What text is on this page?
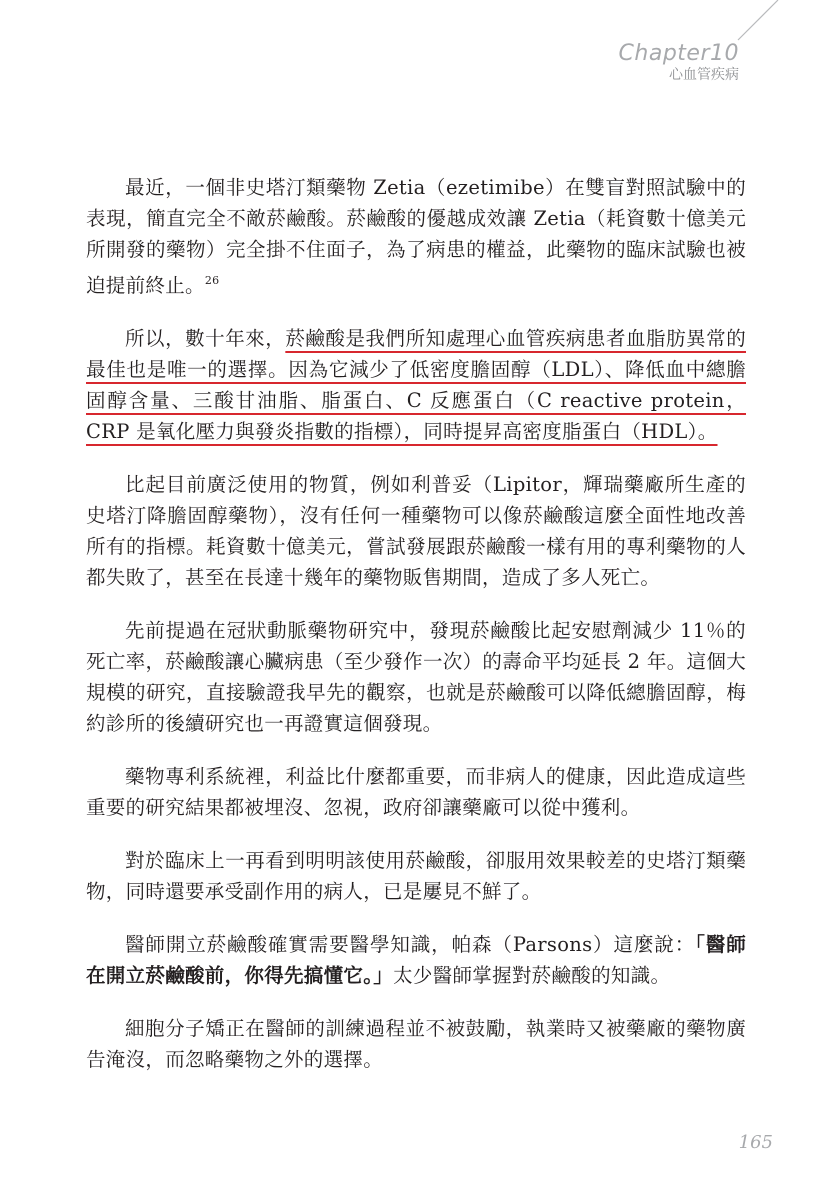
Chapter10
心血管疾病

最近，一個非史塔汀類藥物 Zetia（ezetimibe）在雙盲對照試驗中的表現，簡直完全不敵菸鹼酸。菸鹼酸的優越成效讓 Zetia（耗資數十億美元所開發的藥物）完全掛不住面子，為了病患的權益，此藥物的臨床試驗也被迫提前終止。$^{26}$

所以，數十年來，菸鹼酸是我們所知處理心血管疾病患者血脂肪異常的最佳也是唯一的選擇。因為它減少了低密度膽固醇（LDL）、降低血中總膽固醇含量、三酸甘油脂、脂蛋白、C 反應蛋白（C reactive protein，CRP 是氧化壓力與發炎指數的指標），同時提昇高密度脂蛋白（HDL）。

比起目前廣泛使用的物質，例如利普妥（Lipitor，輝瑞藥廠所生產的史塔汀降膽固醇藥物），沒有任何一種藥物可以像菸鹼酸這麼全面性地改善所有的指標。耗資數十億美元，嘗試發展跟菸鹼酸一樣有用的專利藥物的人都失敗了，甚至在長達十幾年的藥物販售期間，造成了多人死亡。

先前提過在冠狀動脈藥物研究中，發現菸鹼酸比起安慰劑減少 11％的死亡率，菸鹼酸讓心臟病患（至少發作一次）的壽命平均延長 2 年。這個大規模的研究，直接驗證我早先的觀察，也就是菸鹼酸可以降低總膽固醇，梅約診所的後續研究也一再證實這個發現。

藥物專利系統裡，利益比什麼都重要，而非病人的健康，因此造成這些重要的研究結果都被埋沒、忽視，政府卻讓藥廠可以從中獲利。

對於臨床上一再看到明明該使用菸鹼酸，卻服用效果較差的史塔汀類藥物，同時還要承受副作用的病人，已是屢見不鮮了。

醫師開立菸鹼酸確實需要醫學知識，帕森（Parsons）這麼說：「醫師在開立菸鹼酸前，你得先搞懂它。」太少醫師掌握對菸鹼酸的知識。

細胞分子矯正在醫師的訓練過程並不被鼓勵，執業時又被藥廠的藥物廣告淹沒，而忽略藥物之外的選擇。

165
